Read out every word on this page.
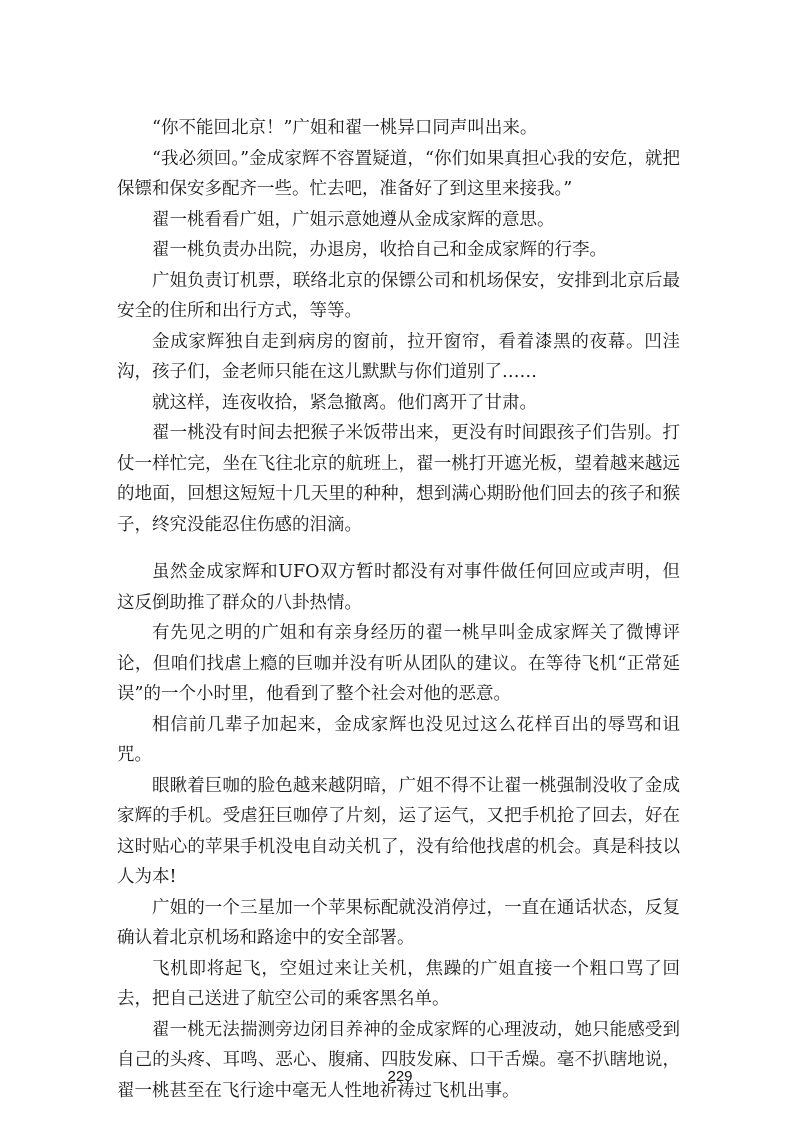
“你不能回北京！”广姐和翟一桃异口同声叫出来。

“我必须回。”金成家辉不容置疑道，“你们如果真担心我的安危，就把保镖和保安多配齐一些。忙去吧，准备好了到这里来接我。”

翟一桃看看广姐，广姐示意她遵从金成家辉的意思。

翟一桃负责办出院，办退房，收拾自己和金成家辉的行李。

广姐负责订机票，联络北京的保镖公司和机场保安，安排到北京后最安全的住所和出行方式，等等。

金成家辉独自走到病房的窗前，拉开窗帘，看着漆黑的夜幕。凹洼沟，孩子们，金老师只能在这儿默默与你们道别了……

就这样，连夜收拾，紧急撤离。他们离开了甘肃。

翟一桃没有时间去把猴子米饭带出来，更没有时间跟孩子们告别。打仗一样忙完，坐在飞往北京的航班上，翟一桃打开遮光板，望着越来越远的地面，回想这短短十几天里的种种，想到满心期盼他们回去的孩子和猴子，终究没能忍住伤感的泪滴。

虽然金成家辉和UFO双方暂时都没有对事件做任何回应或声明，但这反倒助推了群众的八卦热情。

有先见之明的广姐和有亲身经历的翟一桃早叫金成家辉关了微博评论，但咱们找虐上瘾的巨咖并没有听从团队的建议。在等待飞机“正常延误”的一个小时里，他看到了整个社会对他的恶意。

相信前几辈子加起来，金成家辉也没见过这么花样百出的辱骂和诅咒。

眼瞅着巨咖的脸色越来越阴暗，广姐不得不让翟一桃强制没收了金成家辉的手机。受虐狂巨咖停了片刻，运了运气，又把手机抢了回去，好在这时贴心的苹果手机没电自动关机了，没有给他找虐的机会。真是科技以人为本!

广姐的一个三星加一个苹果标配就没消停过，一直在通话状态，反复确认着北京机场和路途中的安全部署。

飞机即将起飞，空姐过来让关机，焦躁的广姐直接一个粗口骂了回去，把自己送进了航空公司的乘客黑名单。

翟一桃无法揣测旁边闭目养神的金成家辉的心理波动，她只能感受到自己的头疼、耳鸣、恶心、腹痛、四肢发麻、口干舌燥。毫不扒瞎地说，翟一桃甚至在飞行途中毫无人性地祈祷过飞机出事。

229
